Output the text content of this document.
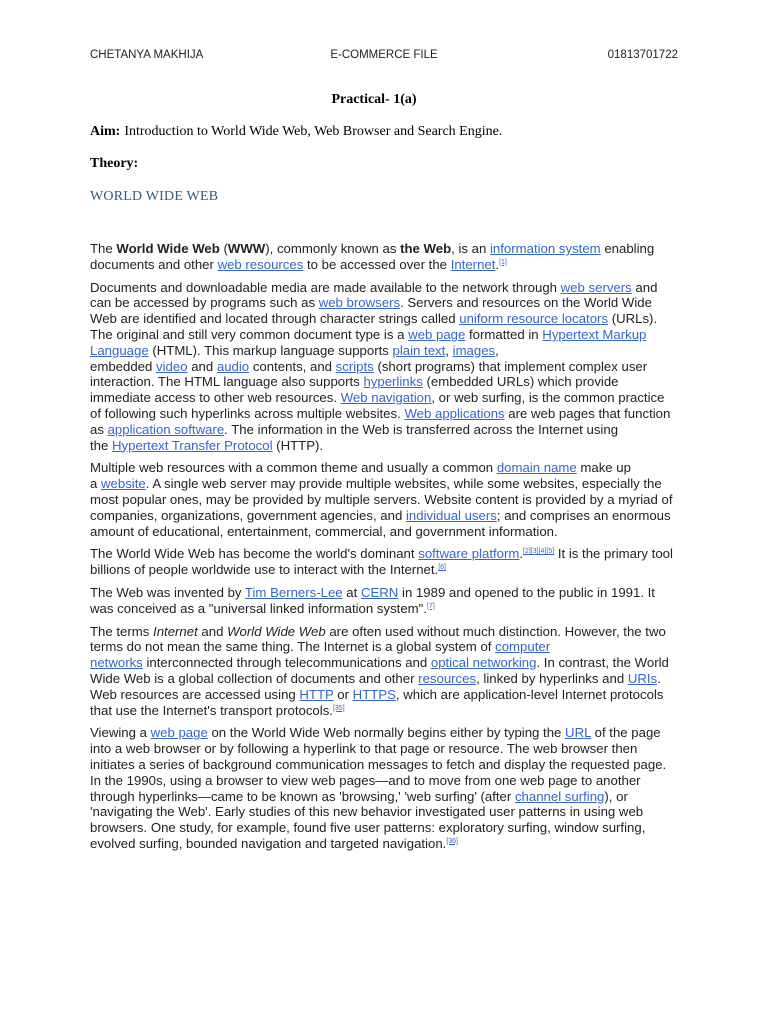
CHETANYA MAKHIJA	E-COMMERCE FILE	01813701722
Practical- 1(a)
Aim: Introduction to World Wide Web, Web Browser and Search Engine.
Theory:
WORLD WIDE WEB

The World Wide Web (WWW), commonly known as the Web, is an information system enabling documents and other web resources to be accessed over the Internet.[1]

Documents and downloadable media are made available to the network through web servers and can be accessed by programs such as web browsers. Servers and resources on the World Wide Web are identified and located through character strings called uniform resource locators (URLs). The original and still very common document type is a web page formatted in Hypertext Markup Language (HTML). This markup language supports plain text, images,
embedded video and audio contents, and scripts (short programs) that implement complex user interaction. The HTML language also supports hyperlinks (embedded URLs) which provide immediate access to other web resources. Web navigation, or web surfing, is the common practice of following such hyperlinks across multiple websites. Web applications are web pages that function as application software. The information in the Web is transferred across the Internet using the Hypertext Transfer Protocol (HTTP).

Multiple web resources with a common theme and usually a common domain name make up a website. A single web server may provide multiple websites, while some websites, especially the most popular ones, may be provided by multiple servers. Website content is provided by a myriad of companies, organizations, government agencies, and individual users; and comprises an enormous amount of educational, entertainment, commercial, and government information.

The World Wide Web has become the world's dominant software platform.[2][3][4][5] It is the primary tool billions of people worldwide use to interact with the Internet.[6]

The Web was invented by Tim Berners-Lee at CERN in 1989 and opened to the public in 1991. It was conceived as a "universal linked information system".[7]

The terms Internet and World Wide Web are often used without much distinction. However, the two terms do not mean the same thing. The Internet is a global system of computer networks interconnected through telecommunications and optical networking. In contrast, the World Wide Web is a global collection of documents and other resources, linked by hyperlinks and URIs. Web resources are accessed using HTTP or HTTPS, which are application-level Internet protocols that use the Internet's transport protocols.[35]

Viewing a web page on the World Wide Web normally begins either by typing the URL of the page into a web browser or by following a hyperlink to that page or resource. The web browser then initiates a series of background communication messages to fetch and display the requested page. In the 1990s, using a browser to view web pages—and to move from one web page to another through hyperlinks—came to be known as 'browsing,' 'web surfing' (after channel surfing), or 'navigating the Web'. Early studies of this new behavior investigated user patterns in using web browsers. One study, for example, found five user patterns: exploratory surfing, window surfing, evolved surfing, bounded navigation and targeted navigation.[36]
